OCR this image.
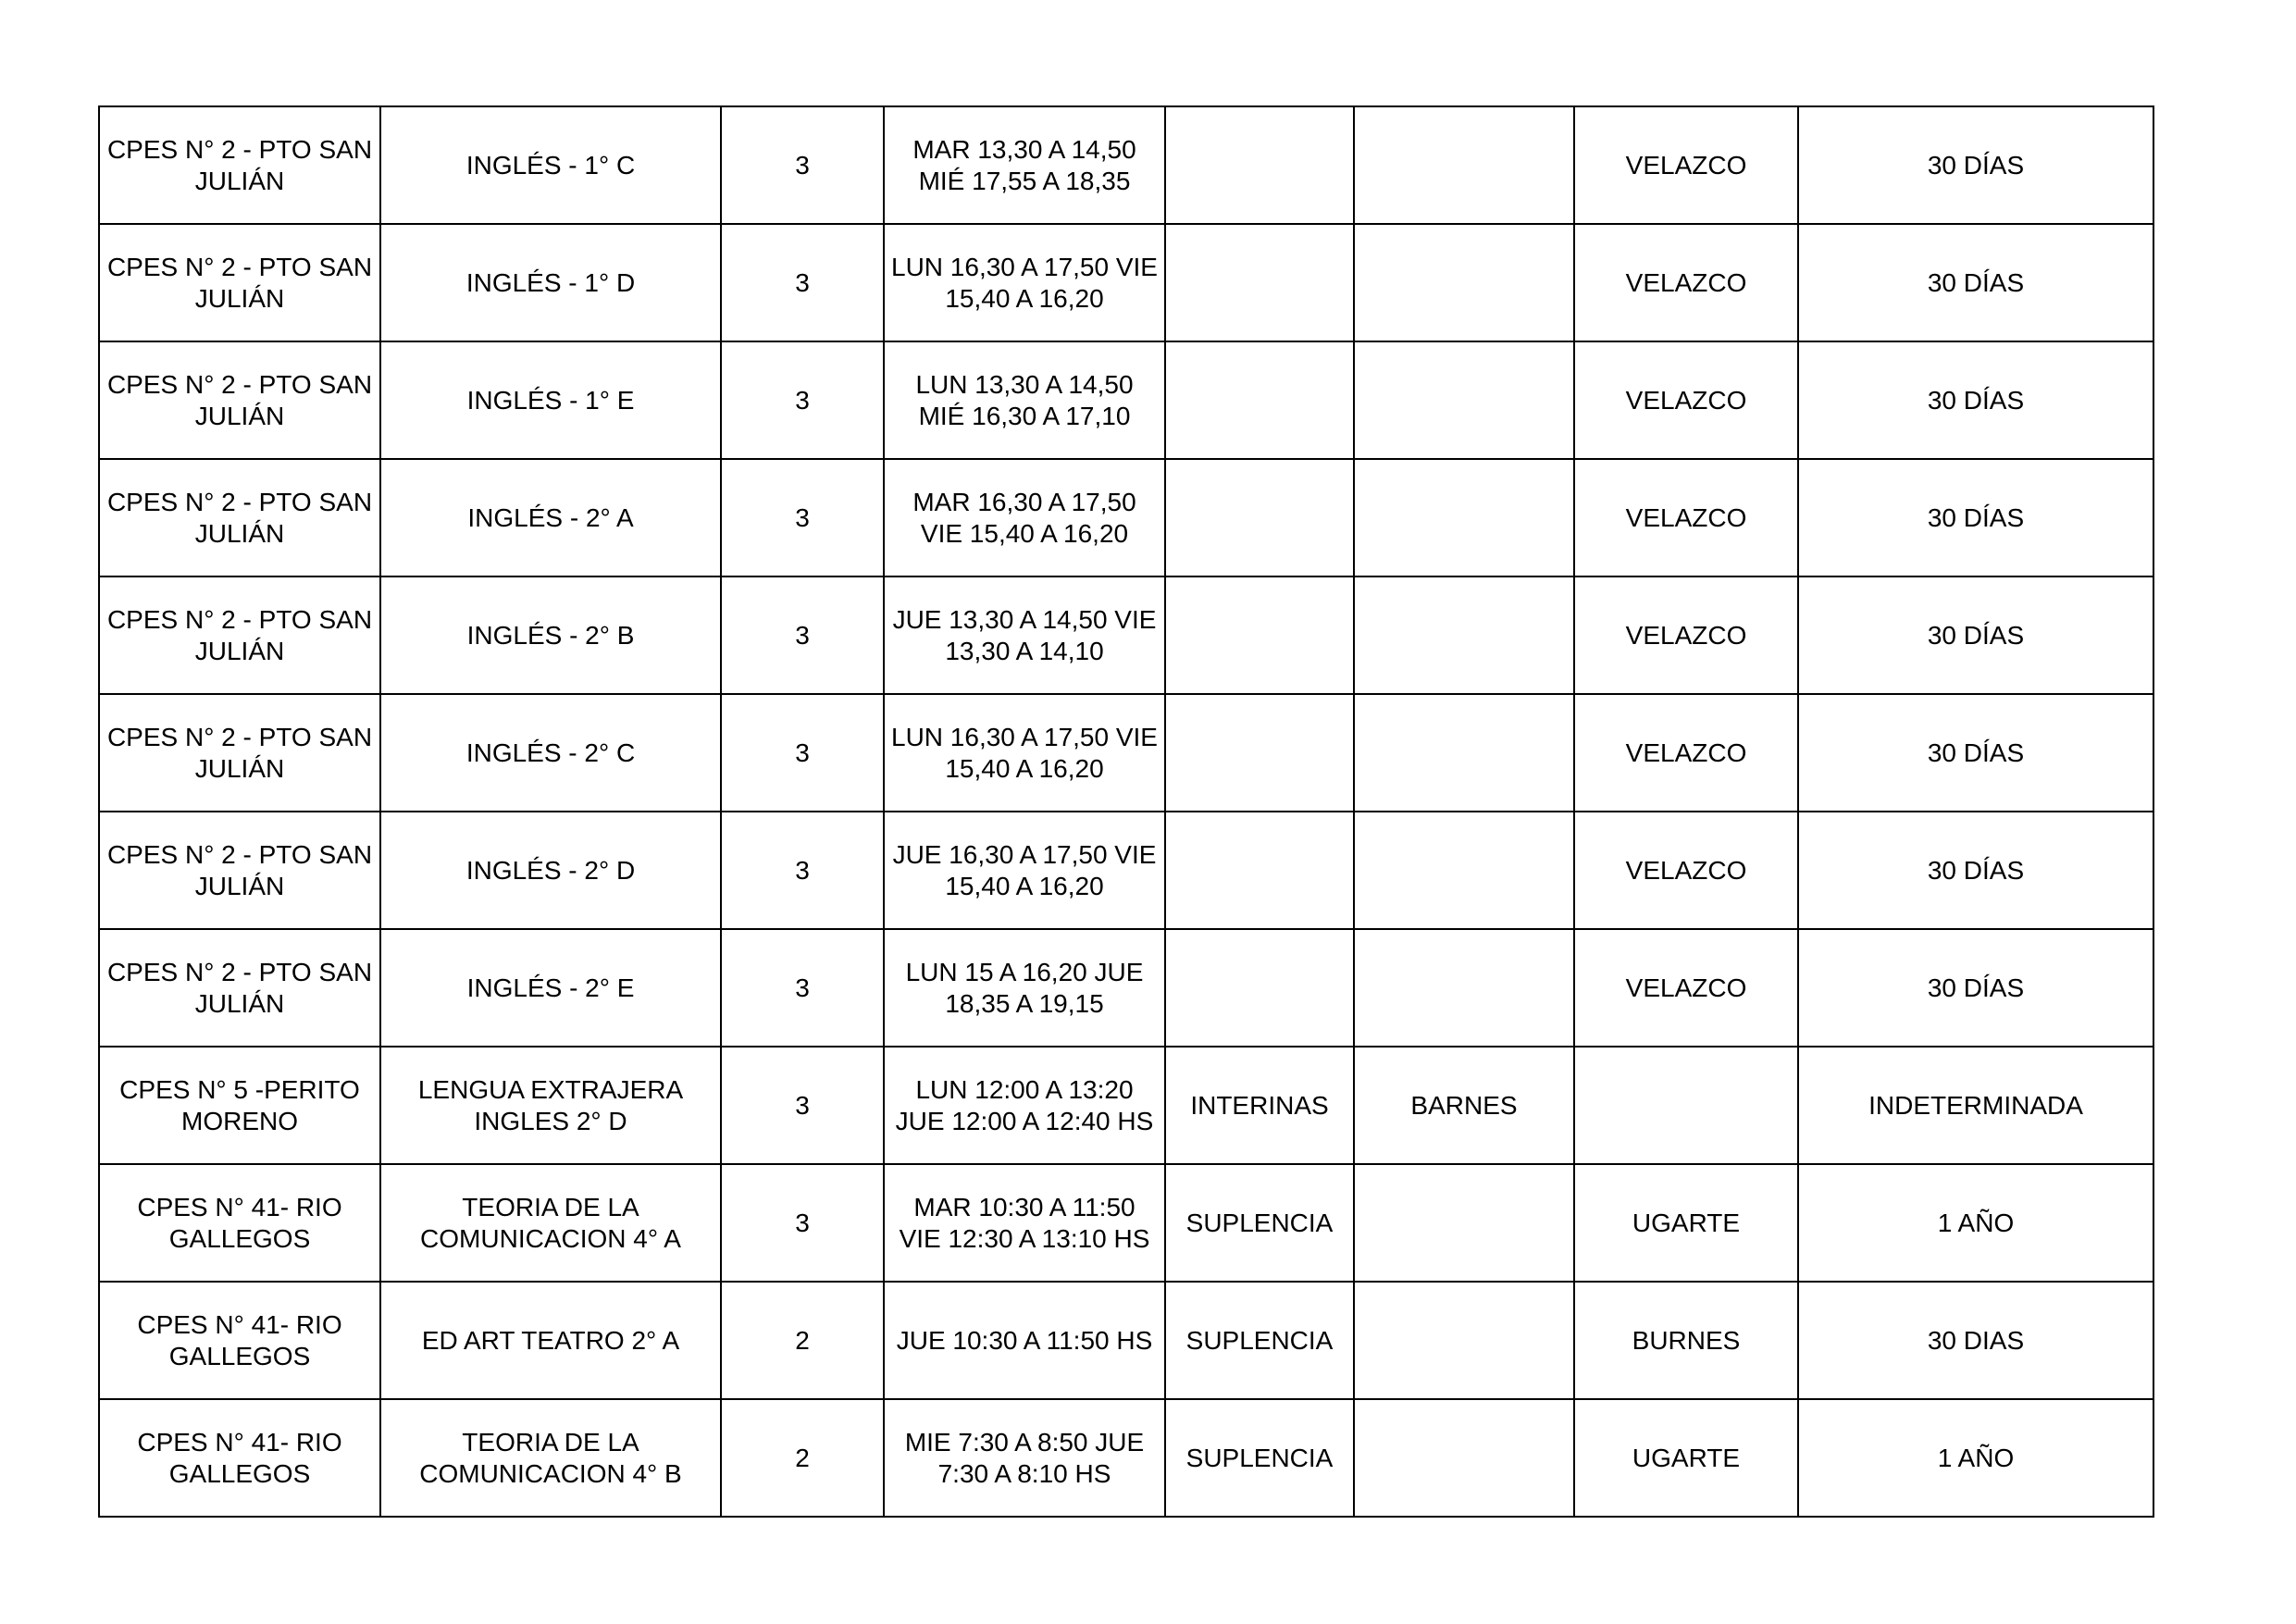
CPES N° 2 - PTO SAN JULIÁN	INGLÉS - 1° C	3	MAR 13,30 A 14,50 MIÉ 17,55 A 18,35			VELAZCO	30 DÍAS
CPES N° 2 - PTO SAN JULIÁN	INGLÉS - 1° D	3	LUN 16,30 A 17,50 VIE 15,40 A 16,20			VELAZCO	30 DÍAS
CPES N° 2 - PTO SAN JULIÁN	INGLÉS - 1° E	3	LUN 13,30 A 14,50 MIÉ 16,30 A 17,10			VELAZCO	30 DÍAS
CPES N° 2 - PTO SAN JULIÁN	INGLÉS - 2° A	3	MAR 16,30 A 17,50 VIE 15,40 A 16,20			VELAZCO	30 DÍAS
CPES N° 2 - PTO SAN JULIÁN	INGLÉS - 2° B	3	JUE 13,30 A 14,50 VIE 13,30 A 14,10			VELAZCO	30 DÍAS
CPES N° 2 - PTO SAN JULIÁN	INGLÉS - 2° C	3	LUN 16,30 A 17,50 VIE 15,40 A 16,20			VELAZCO	30 DÍAS
CPES N° 2 - PTO SAN JULIÁN	INGLÉS - 2° D	3	JUE 16,30 A 17,50 VIE 15,40 A 16,20			VELAZCO	30 DÍAS
CPES N° 2 - PTO SAN JULIÁN	INGLÉS - 2° E	3	LUN 15 A 16,20 JUE 18,35 A 19,15			VELAZCO	30 DÍAS
CPES N° 5 -PERITO MORENO	LENGUA EXTRAJERA INGLES 2° D	3	LUN 12:00 A 13:20 JUE 12:00 A 12:40 HS	INTERINAS	BARNES		INDETERMINADA
CPES N° 41- RIO GALLEGOS	TEORIA DE LA COMUNICACION 4° A	3	MAR 10:30 A 11:50 VIE 12:30 A 13:10 HS	SUPLENCIA		UGARTE	1 AÑO
CPES N° 41- RIO GALLEGOS	ED ART TEATRO 2° A	2	JUE 10:30 A 11:50 HS	SUPLENCIA		BURNES	30 DIAS
CPES N° 41- RIO GALLEGOS	TEORIA DE LA COMUNICACION 4° B	2	MIE 7:30 A 8:50 JUE 7:30 A 8:10 HS	SUPLENCIA		UGARTE	1 AÑO
